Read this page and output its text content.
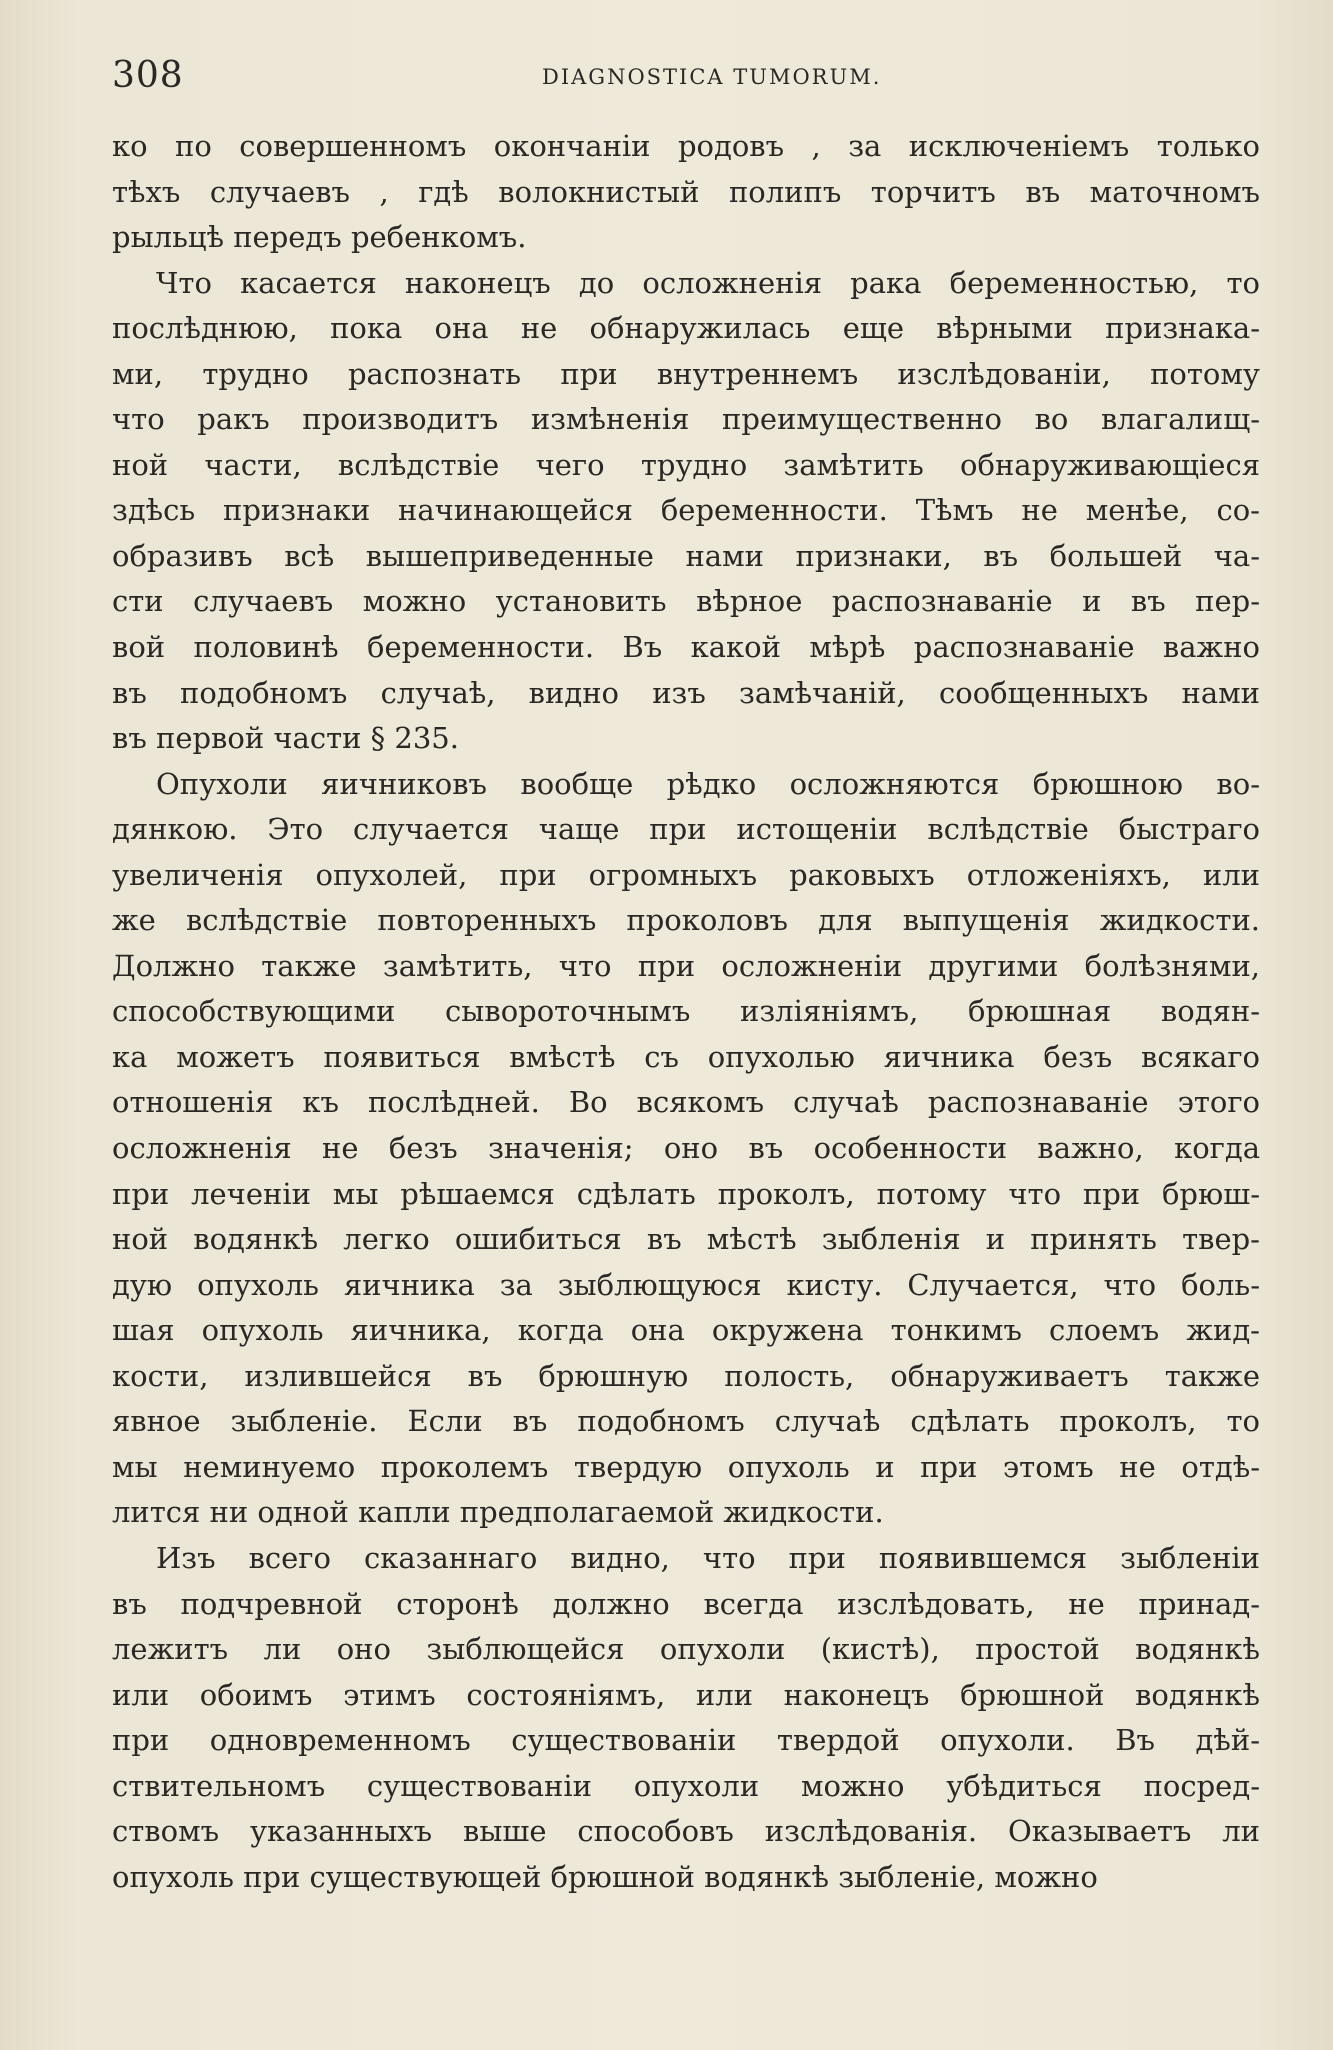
308	DIAGNOSTICA TUMORUM.
ко по совершенномъ окончанiи родовъ , за исключенiемъ только
тѣхъ случаевъ , гдѣ волокнистый полипъ торчитъ въ маточномъ
рыльцѣ передъ ребенкомъ.
Что касается наконецъ до осложненiя рака беременностью, то
послѣднюю, пока она не обнаружилась еще вѣрными признака-
ми, трудно распознать при внутреннемъ изслѣдованiи, потому
что ракъ производитъ измѣненiя преимущественно во влагалищ-
ной части, вслѣдствiе чего трудно замѣтить обнаруживающiеся
здѣсь признаки начинающейся беременности. Тѣмъ не менѣе, со-
образивъ всѣ вышеприведенные нами признаки, въ большей ча-
сти случаевъ можно установить вѣрное распознаванiе и въ пер-
вой половинѣ беременности. Въ какой мѣрѣ распознаванiе важно
въ подобномъ случаѣ, видно изъ замѣчанiй, сообщенныхъ нами
въ первой части § 235.
Опухоли яичниковъ вообще рѣдко осложняются брюшною во-
дянкою. Это случается чаще при истощенiи вслѣдствiе быстраго
увеличенiя опухолей, при огромныхъ раковыхъ отложенiяхъ, или
же вслѣдствiе повторенныхъ проколовъ для выпущенiя жидкости.
Должно также замѣтить, что при осложненiи другими болѣзнями,
способствующими сывороточнымъ излiянiямъ, брюшная водян-
ка можетъ появиться вмѣстѣ съ опухолью яичника безъ всякаго
отношенiя къ послѣдней. Во всякомъ случаѣ распознаванiе этого
осложненiя не безъ значенiя; оно въ особенности важно, когда
при леченiи мы рѣшаемся сдѣлать проколъ, потому что при брюш-
ной водянкѣ легко ошибиться въ мѣстѣ зыбленiя и принять твер-
дую опухоль яичника за зыблющуюся кисту. Случается, что боль-
шая опухоль яичника, когда она окружена тонкимъ слоемъ жид-
кости, излившейся въ брюшную полость, обнаруживаетъ также
явное зыбленiе. Если въ подобномъ случаѣ сдѣлать проколъ, то
мы неминуемо проколемъ твердую опухоль и при этомъ не отдѣ-
лится ни одной капли предполагаемой жидкости.
Изъ всего сказаннаго видно, что при появившемся зыбленiи
въ подчревной сторонѣ должно всегда изслѣдовать, не принад-
лежитъ ли оно зыблющейся опухоли (кистѣ), простой водянкѣ
или обоимъ этимъ состоянiямъ, или наконецъ брюшной водянкѣ
при одновременномъ существованiи твердой опухоли. Въ дѣй-
ствительномъ существованiи опухоли можно убѣдиться посред-
ствомъ указанныхъ выше способовъ изслѣдованiя. Оказываетъ ли
опухоль при существующей брюшной водянкѣ зыбленiе, можно
